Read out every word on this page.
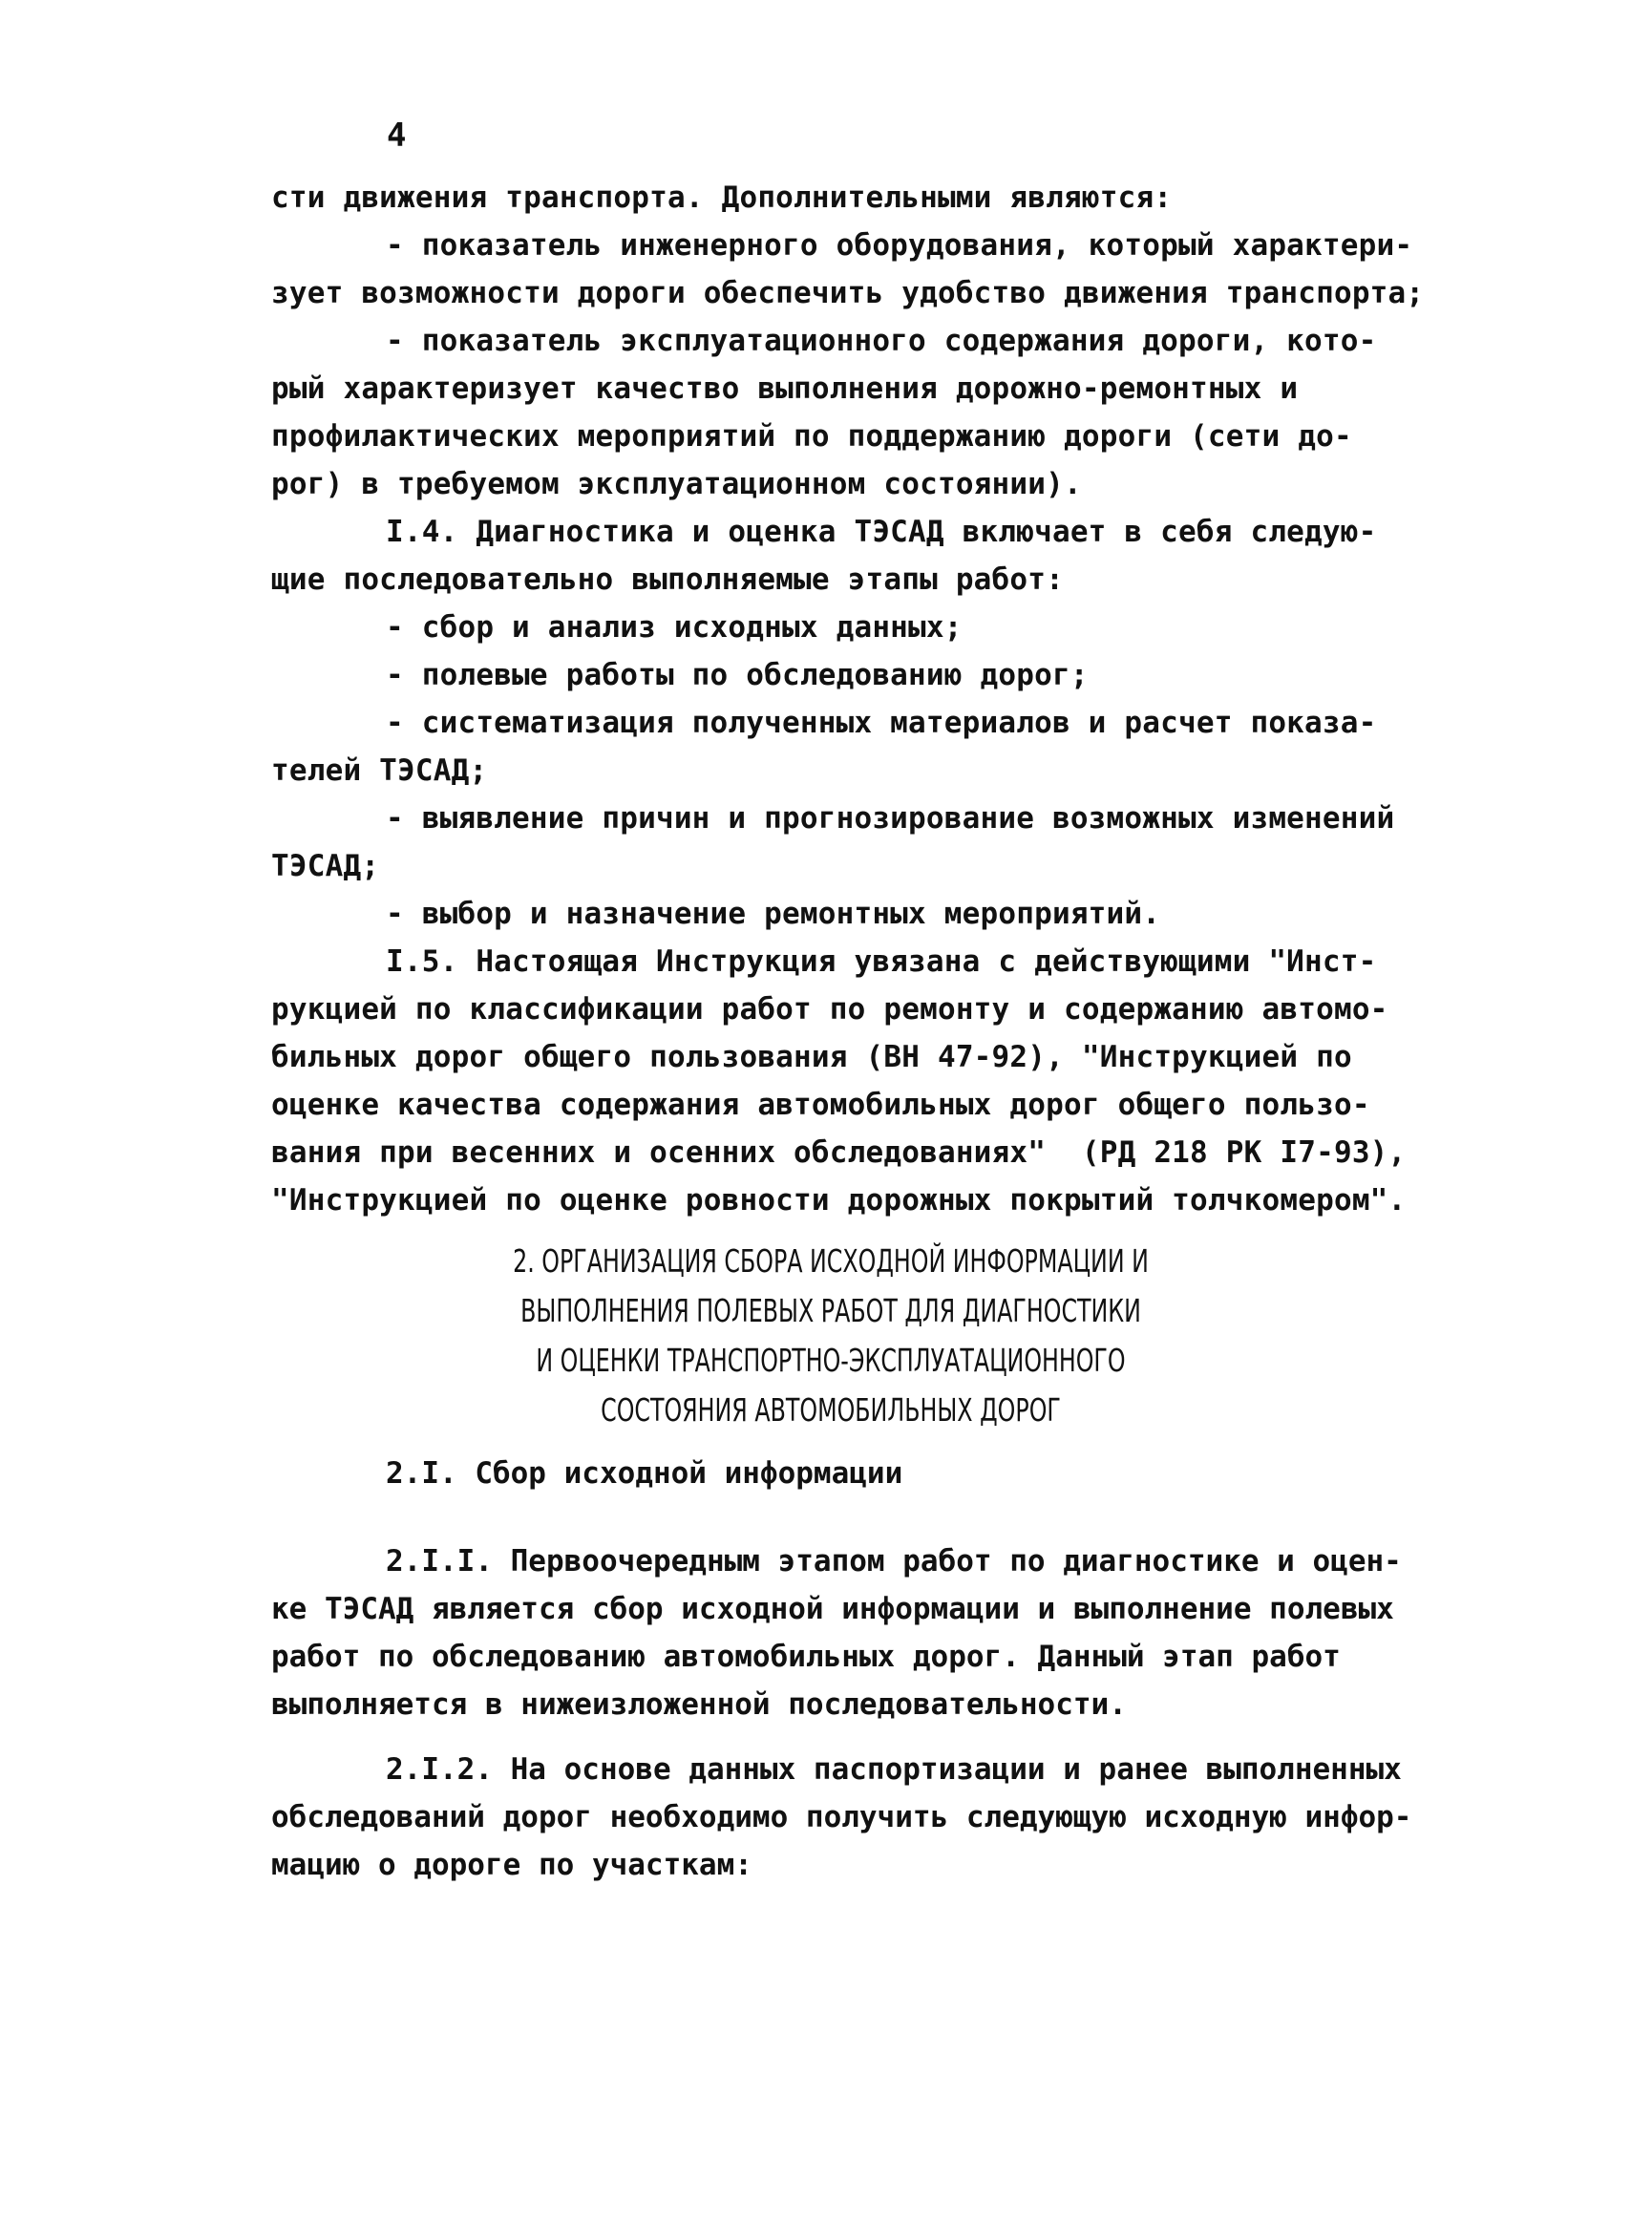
4
сти движения транспорта. Дополнительными являются:
- показатель инженерного оборудования, который характери-
зует возможности дороги обеспечить удобство движения транспорта;
- показатель эксплуатационного содержания дороги, кото-
рый характеризует качество выполнения дорожно-ремонтных и
профилактических мероприятий по поддержанию дороги (сети до-
рог) в требуемом эксплуатационном состоянии).
I.4. Диагностика и оценка ТЭСАД включает в себя следую-
щие последовательно выполняемые этапы работ:
- сбор и анализ исходных данных;
- полевые работы по обследованию дорог;
- систематизация полученных материалов и расчет показа-
телей ТЭСАД;
- выявление причин и прогнозирование возможных изменений
ТЭСАД;
- выбор и назначение ремонтных мероприятий.
I.5. Настоящая Инструкция увязана с действующими "Инст-
рукцией по классификации работ по ремонту и содержанию автомо-
бильных дорог общего пользования (ВН 47-92), "Инструкцией по
оценке качества содержания автомобильных дорог общего пользо-
вания при весенних и осенних обследованиях"  (РД 218 РК I7-93),
"Инструкцией по оценке ровности дорожных покрытий толчкомером".
2. ОРГАНИЗАЦИЯ СБОРА ИСХОДНОЙ ИНФОРМАЦИИ И
ВЫПОЛНЕНИЯ ПОЛЕВЫХ РАБОТ ДЛЯ ДИАГНОСТИКИ
И ОЦЕНКИ ТРАНСПОРТНО-ЭКСПЛУАТАЦИОННОГО
СОСТОЯНИЯ АВТОМОБИЛЬНЫХ ДОРОГ
2.I. Сбор исходной информации
2.I.I. Первоочередным этапом работ по диагностике и оцен-
ке ТЭСАД является сбор исходной информации и выполнение полевых
работ по обследованию автомобильных дорог. Данный этап работ
выполняется в нижеизложенной последовательности.
2.I.2. На основе данных паспортизации и ранее выполненных
обследований дорог необходимо получить следующую исходную инфор-
мацию о дороге по участкам:
